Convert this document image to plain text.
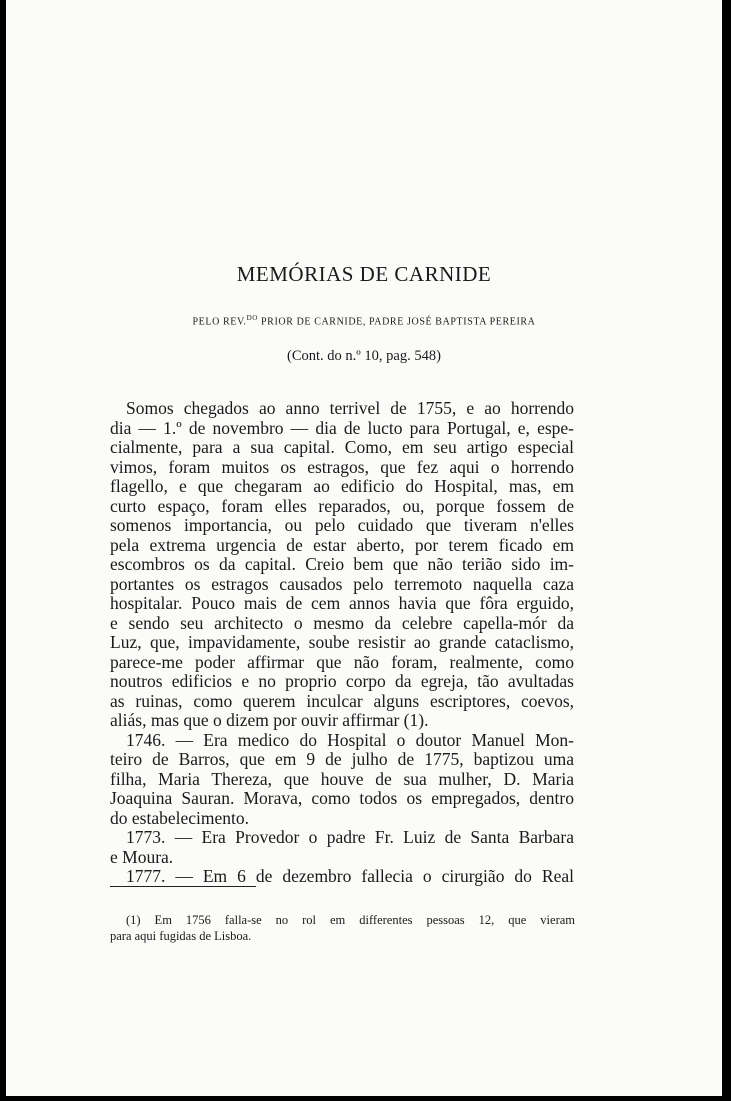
MEMÓRIAS DE CARNIDE

PELO REV.$^{DO}$ PRIOR DE CARNIDE, PADRE JOSÉ BAPTISTA PEREIRA

(Cont. do n.º 10, pag. 548)

Somos chegados ao anno terrivel de 1755, e ao horrendo
dia — 1.º de novembro — dia de lucto para Portugal, e, espe-
cialmente, para a sua capital. Como, em seu artigo especial
vimos, foram muitos os estragos, que fez aqui o horrendo
flagello, e que chegaram ao edificio do Hospital, mas, em
curto espaço, foram elles reparados, ou, porque fossem de
somenos importancia, ou pelo cuidado que tiveram n'elles
pela extrema urgencia de estar aberto, por terem ficado em
escombros os da capital. Creio bem que não terião sido im-
portantes os estragos causados pelo terremoto naquella caza
hospitalar. Pouco mais de cem annos havia que fôra erguido,
e sendo seu architecto o mesmo da celebre capella-mór da
Luz, que, impavidamente, soube resistir ao grande cataclismo,
parece-me poder affirmar que não foram, realmente, como
noutros edificios e no proprio corpo da egreja, tão avultadas
as ruinas, como querem inculcar alguns escriptores, coevos,
aliás, mas que o dizem por ouvir affirmar (1).
1746. — Era medico do Hospital o doutor Manuel Mon-
teiro de Barros, que em 9 de julho de 1775, baptizou uma
filha, Maria Thereza, que houve de sua mulher, D. Maria
Joaquina Sauran. Morava, como todos os empregados, dentro
do estabelecimento.
1773. — Era Provedor o padre Fr. Luiz de Santa Barbara
e Moura.
1777. — Em 6 de dezembro fallecia o cirurgião do Real
(1) Em 1756 falla-se no rol em differentes pessoas 12, que vieram
para aqui fugidas de Lisboa.
